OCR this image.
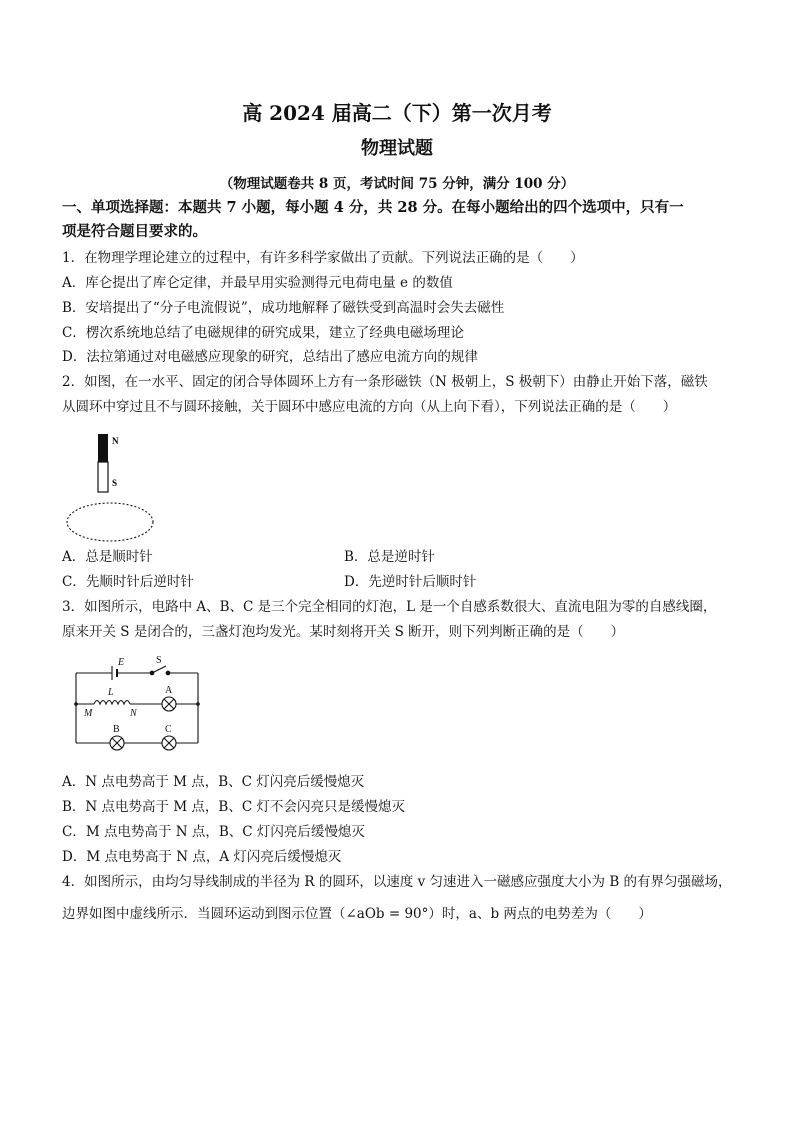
高 2024 届高二（下）第一次月考
物理试题
（物理试题卷共 8 页，考试时间 75 分钟，满分 100 分）
一、单项选择题：本题共 7 小题，每小题 4 分，共 28 分。在每小题给出的四个选项中，只有一
项是符合题目要求的。
1．在物理学理论建立的过程中，有许多科学家做出了贡献。下列说法正确的是（　　）
A．库仑提出了库仑定律，并最早用实验测得元电荷电量 e 的数值
B．安培提出了“分子电流假说”，成功地解释了磁铁受到高温时会失去磁性
C．楞次系统地总结了电磁规律的研究成果，建立了经典电磁场理论
D．法拉第通过对电磁感应现象的研究，总结出了感应电流方向的规律
2．如图，在一水平、固定的闭合导体圆环上方有一条形磁铁（N 极朝上，S 极朝下）由静止开始下落，磁铁
从圆环中穿过且不与圆环接触，关于圆环中感应电流的方向（从上向下看），下列说法正确的是（　　）
N
S
A．总是顺时针	B．总是逆时针
C．先顺时针后逆时针	D．先逆时针后顺时针
3．如图所示，电路中 A、B、C 是三个完全相同的灯泡，L 是一个自感系数很大、直流电阻为零的自感线圈，
原来开关 S 是闭合的，三盏灯泡均发光。某时刻将开关 S 断开，则下列判断正确的是（　　）
E	S
L
M	N
A
B	C
A．N 点电势高于 M 点，B、C 灯闪亮后缓慢熄灭
B．N 点电势高于 M 点，B、C 灯不会闪亮只是缓慢熄灭
C．M 点电势高于 N 点，B、C 灯闪亮后缓慢熄灭
D．M 点电势高于 N 点，A 灯闪亮后缓慢熄灭
4．如图所示，由均匀导线制成的半径为 R 的圆环，以速度 v 匀速进入一磁感应强度大小为 B 的有界匀强磁场，
边界如图中虚线所示．当圆环运动到图示位置（∠aOb = 90°）时，a、b 两点的电势差为（　　）
